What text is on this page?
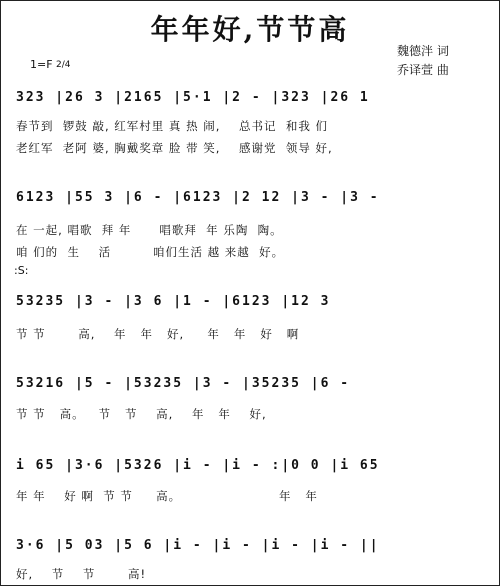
年年好,节节高
魏德泮 词
乔译萱 曲
1=F 2/4
323 |26 3 |2165 |5·1 |2 - |323 |26 1
春节到  锣鼓 敲, 红军村里 真 热 闹,    总书记  和我 们
老红军  老阿 婆, 胸戴奖章 脸 带 笑,    感谢党  领导 好,
6123 |55 3 |6 - |6123 |2 12 |3 - |3 -
在 一起, 唱歌  拜 年      唱歌拜  年 乐陶  陶。
咱 们的  生    活         咱们生活 越 来越  好。
:S:
53235 |3 - |3 6 |1 - |6123 |12 3
节 节       高,    年   年   好,     年   年   好   啊
53216 |5 - |53235 |3 - |35235 |6 -
节 节   高。   节   节    高,    年   年    好,
i 65 |3·6 |5326 |i - |i - :|0 0 |i 65
年 年    好 啊  节 节     高。                     年   年
3·6 |5 03 |5 6 |i - |i - |i - |i - ||
好,    节    节       高!
